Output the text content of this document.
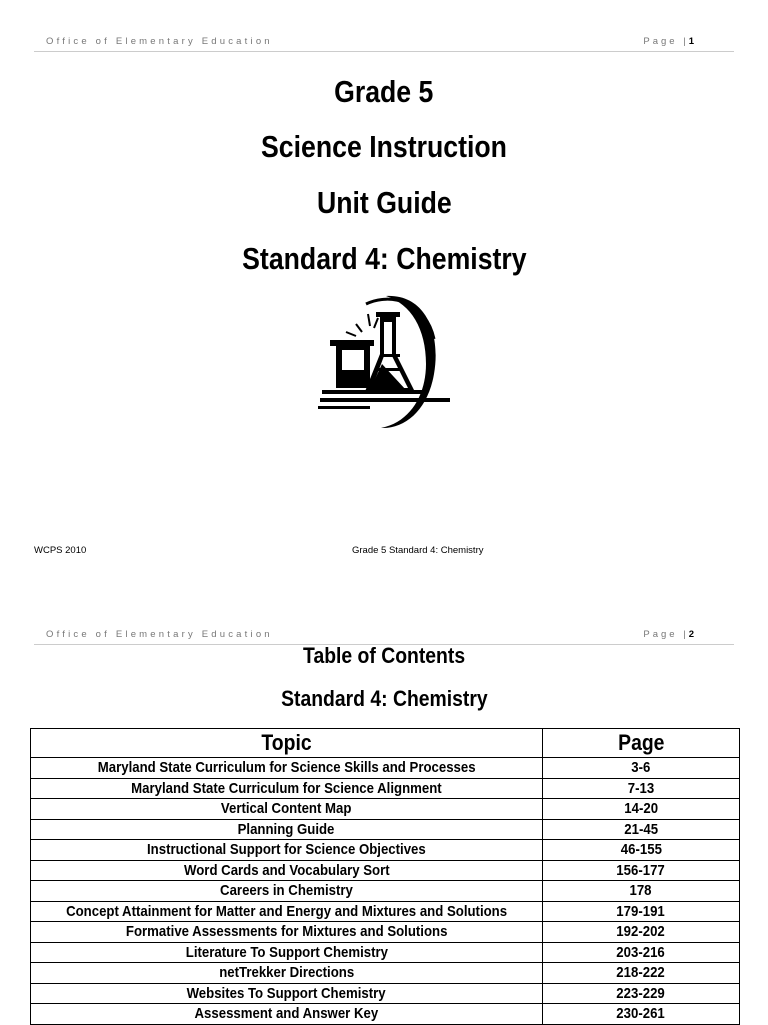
Office of Elementary Education	Page |1
Grade 5
Science Instruction
Unit Guide
Standard 4: Chemistry
WCPS 2010	Grade 5 Standard 4: Chemistry
Office of Elementary Education	Page |2
Table of Contents
Standard 4: Chemistry
Topic	Page
Maryland State Curriculum for Science Skills and Processes	3-6
Maryland State Curriculum for Science Alignment	7-13
Vertical Content Map	14-20
Planning Guide	21-45
Instructional Support for Science Objectives	46-155
Word Cards and Vocabulary Sort	156-177
Careers in Chemistry	178
Concept Attainment for Matter and Energy and Mixtures and Solutions	179-191
Formative Assessments for Mixtures and Solutions	192-202
Literature To Support Chemistry	203-216
netTrekker Directions	218-222
Websites To Support Chemistry	223-229
Assessment and Answer Key	230-261
